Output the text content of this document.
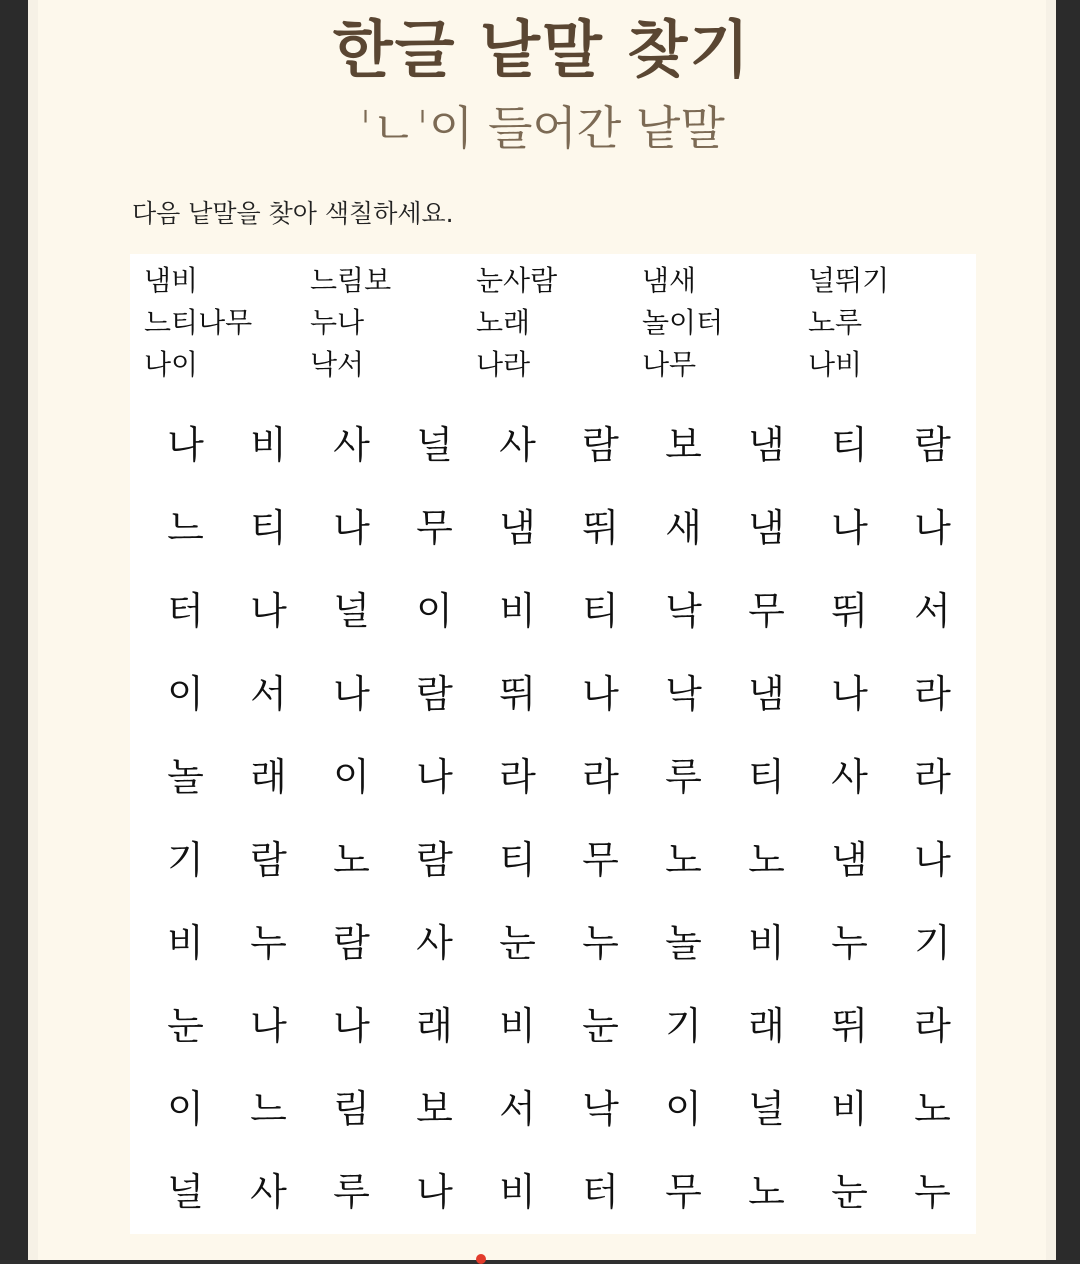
한글 낱말 찾기
'ㄴ'이 들어간 낱말
다음 낱말을 찾아 색칠하세요.
냄비	느림보	눈사람	냄새	널뛰기
느티나무	누나	노래	놀이터	노루
나이	낙서	나라	나무	나비
나	비	사	널	사	람	보	냄	티	람
느	티	나	무	냄	뛰	새	냄	나	나
터	나	널	이	비	티	낙	무	뛰	서
이	서	나	람	뛰	나	낙	냄	나	라
놀	래	이	나	라	라	루	티	사	라
기	람	노	람	티	무	노	노	냄	나
비	누	람	사	눈	누	놀	비	누	기
눈	나	나	래	비	눈	기	래	뛰	라
이	느	림	보	서	낙	이	널	비	노
널	사	루	나	비	터	무	노	눈	누
